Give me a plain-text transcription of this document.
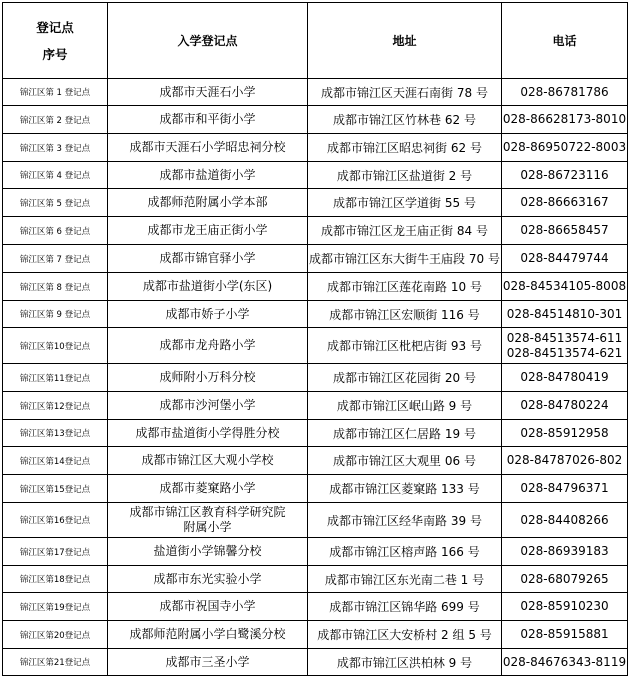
登记点
序号	入学登记点	地址	电话
锦江区第 1 登记点	成都市天涯石小学	成都市锦江区天涯石南街 78 号	028-86781786

锦江区第 2 登记点	成都市和平街小学	成都市锦江区竹林巷 62 号	028-86628173-8010

锦江区第 3 登记点	成都市天涯石小学昭忠祠分校	成都市锦江区昭忠祠街 62 号	028-86950722-8003

锦江区第 4 登记点	成都市盐道街小学	成都市锦江区盐道街 2 号	028-86723116

锦江区第 5 登记点	成都师范附属小学本部	成都市锦江区学道街 55 号	028-86663167

锦江区第 6 登记点	成都市龙王庙正街小学	成都市锦江区龙王庙正街 84 号	028-86658457

锦江区第 7 登记点	成都市锦官驿小学	成都市锦江区东大街牛王庙段 70 号	028-84479744

锦江区第 8 登记点	成都市盐道街小学(东区)	成都市锦江区莲花南路 10 号	028-84534105-8008

锦江区第 9 登记点	成都市娇子小学	成都市锦江区宏顺街 116 号	028-84514810-301

锦江区第10登记点	成都市龙舟路小学	成都市锦江区枇杷店街 93 号	028-84513574-611
028-84513574-621

锦江区第11登记点	成师附小万科分校	成都市锦江区花园街 20 号	028-84780419

锦江区第12登记点	成都市沙河堡小学	成都市锦江区岷山路 9 号	028-84780224

锦江区第13登记点	成都市盐道街小学得胜分校	成都市锦江区仁居路 19 号	028-85912958

锦江区第14登记点	成都市锦江区大观小学校	成都市锦江区大观里 06 号	028-84787026-802

锦江区第15登记点	成都市菱窠路小学	成都市锦江区菱窠路 133 号	028-84796371

锦江区第16登记点	成都市锦江区教育科学研究院
附属小学	成都市锦江区经华南路 39 号	028-84408266

锦江区第17登记点	盐道街小学锦馨分校	成都市锦江区榕声路 166 号	028-86939183

锦江区第18登记点	成都市东光实验小学	成都市锦江区东光南二巷 1 号	028-68079265

锦江区第19登记点	成都市祝国寺小学	成都市锦江区锦华路 699 号	028-85910230

锦江区第20登记点	成都师范附属小学白鹭溪分校	成都市锦江区大安桥村 2 组 5 号	028-85915881

锦江区第21登记点	成都市三圣小学	成都市锦江区洪柏林 9 号	028-84676343-8119
